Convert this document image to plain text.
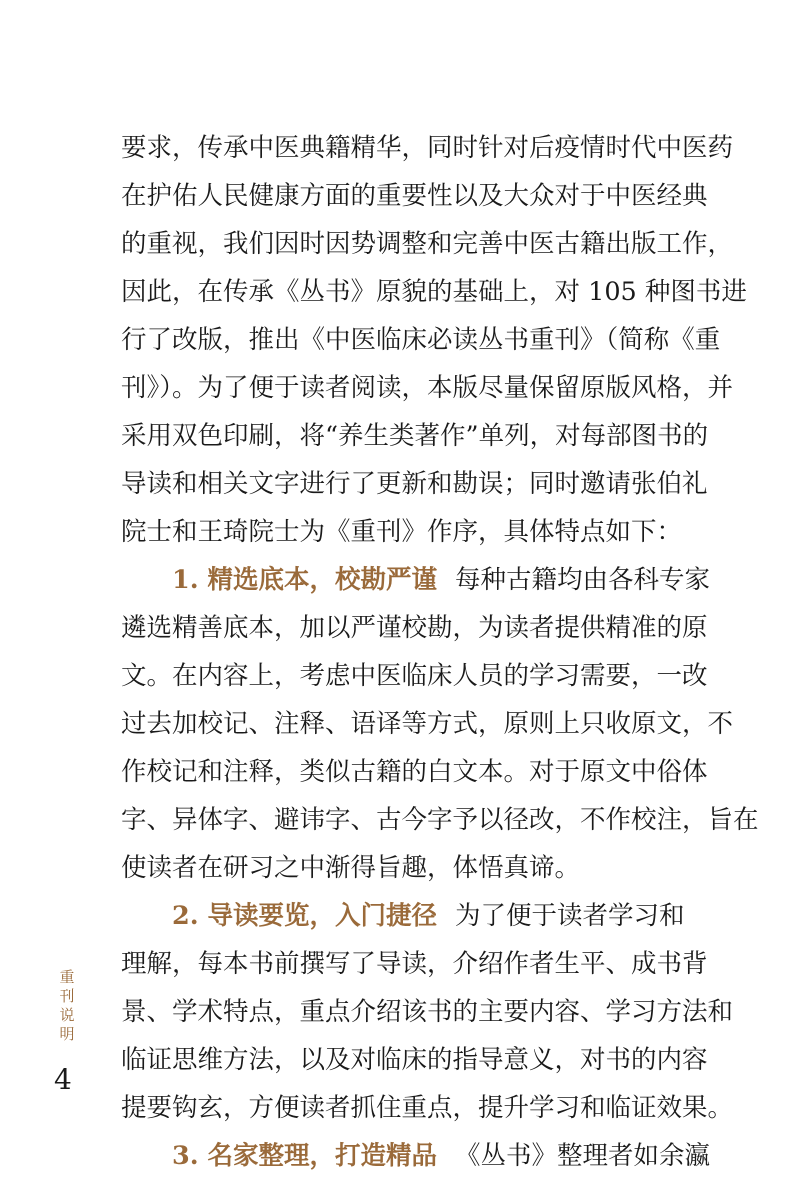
要求，传承中医典籍精华，同时针对后疫情时代中医药
在护佑人民健康方面的重要性以及大众对于中医经典
的重视，我们因时因势调整和完善中医古籍出版工作，
因此，在传承《丛书》原貌的基础上，对 105 种图书进
行了改版，推出《中医临床必读丛书重刊》（简称《重
刊》）。为了便于读者阅读，本版尽量保留原版风格，并
采用双色印刷，将“养生类著作”单列，对每部图书的
导读和相关文字进行了更新和勘误；同时邀请张伯礼
院士和王琦院士为《重刊》作序，具体特点如下：
1. 精选底本，校勘严谨 每种古籍均由各科专家
遴选精善底本，加以严谨校勘，为读者提供精准的原
文。在内容上，考虑中医临床人员的学习需要，一改
过去加校记、注释、语译等方式，原则上只收原文，不
作校记和注释，类似古籍的白文本。对于原文中俗体
字、异体字、避讳字、古今字予以径改，不作校注，旨在
使读者在研习之中渐得旨趣，体悟真谛。
2. 导读要览，入门捷径 为了便于读者学习和
理解，每本书前撰写了导读，介绍作者生平、成书背
景、学术特点，重点介绍该书的主要内容、学习方法和
临证思维方法，以及对临床的指导意义，对书的内容
提要钩玄，方便读者抓住重点，提升学习和临证效果。
3. 名家整理，打造精品 《丛书》整理者如余瀛
重
刊
说
明
4
